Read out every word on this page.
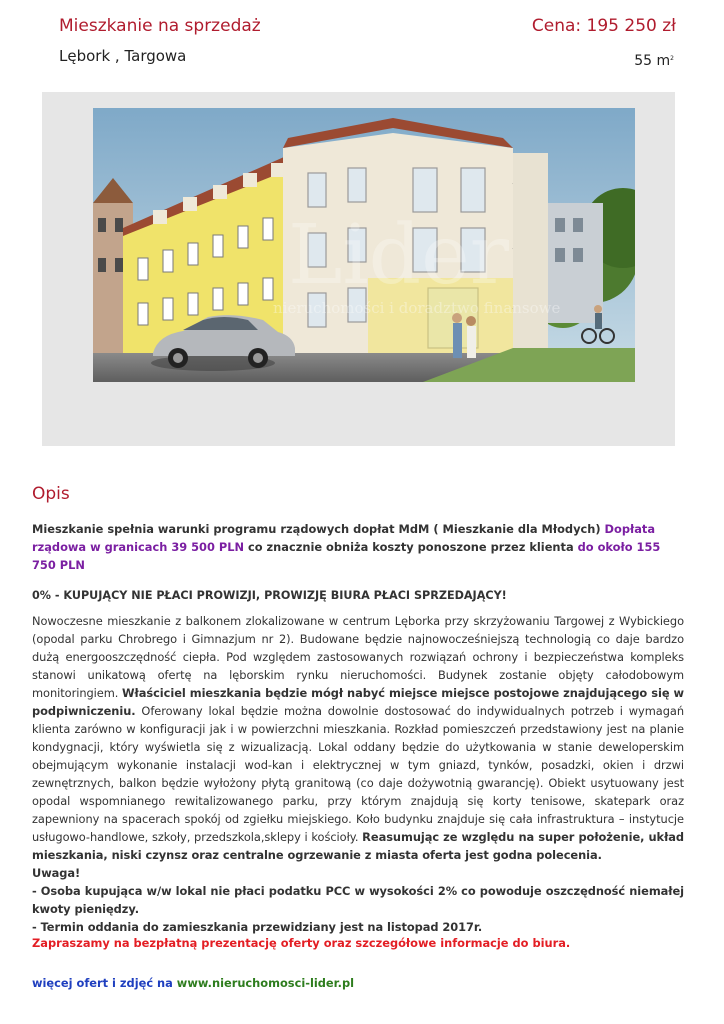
Mieszkanie na sprzedaż	Cena: 195 250 zł
Lębork , Targowa	55 $m^2$
Lider
nieruchomości i doradztwo finansowe
Opis
Mieszkanie spełnia warunki programu rządowych dopłat MdM ( Mieszkanie dla Młodych) Dopłata rządowa w granicach 39 500 PLN co znacznie obniża koszty ponoszone przez klienta do około 155 750 PLN
0% - KUPUJĄCY NIE PŁACI PROWIZJI, PROWIZJĘ BIURA PŁACI SPRZEDAJĄCY!
Nowoczesne mieszkanie z balkonem zlokalizowane w centrum Lęborka przy skrzyżowaniu Targowej z Wybickiego (opodal parku Chrobrego i Gimnazjum nr 2). Budowane będzie najnowocześniejszą technologią co daje bardzo dużą energooszczędność ciepła. Pod względem zastosowanych rozwiązań ochrony i bezpieczeństwa kompleks stanowi unikatową ofertę na lęborskim rynku nieruchomości. Budynek zostanie objęty całodobowym monitoringiem. Właściciel mieszkania będzie mógł nabyć miejsce miejsce postojowe znajdującego się w podpiwniczeniu. Oferowany lokal będzie można dowolnie dostosować do indywidualnych potrzeb i wymagań klienta zarówno w konfiguracji jak i w powierzchni mieszkania. Rozkład pomieszczeń przedstawiony jest na planie kondygnacji, który wyświetla się z wizualizacją. Lokal oddany będzie do użytkowania w stanie deweloperskim obejmującym wykonanie instalacji wod-kan i elektrycznej w tym gniazd, tynków, posadzki, okien i drzwi zewnętrznych, balkon będzie wyłożony płytą granitową (co daje dożywotnią gwarancję). Obiekt usytuowany jest opodal wspomnianego rewitalizowanego parku, przy którym znajdują się korty tenisowe, skatepark oraz zapewniony na spacerach spokój od zgiełku miejskiego. Koło budynku znajduje się cała infrastruktura – instytucje usługowo-handlowe, szkoły, przedszkola,sklepy i kościoły. Reasumując ze względu na super położenie, układ mieszkania, niski czynsz oraz centralne ogrzewanie z miasta oferta jest godna polecenia.
Uwaga!
- Osoba kupująca w/w lokal nie płaci podatku PCC w wysokości 2% co powoduje oszczędność niemałej kwoty pieniędzy.
- Termin oddania do zamieszkania przewidziany jest na listopad 2017r.
Zapraszamy na bezpłatną prezentację oferty oraz szczegółowe informacje do biura.
więcej ofert i zdjęć na www.nieruchomosci-lider.pl
